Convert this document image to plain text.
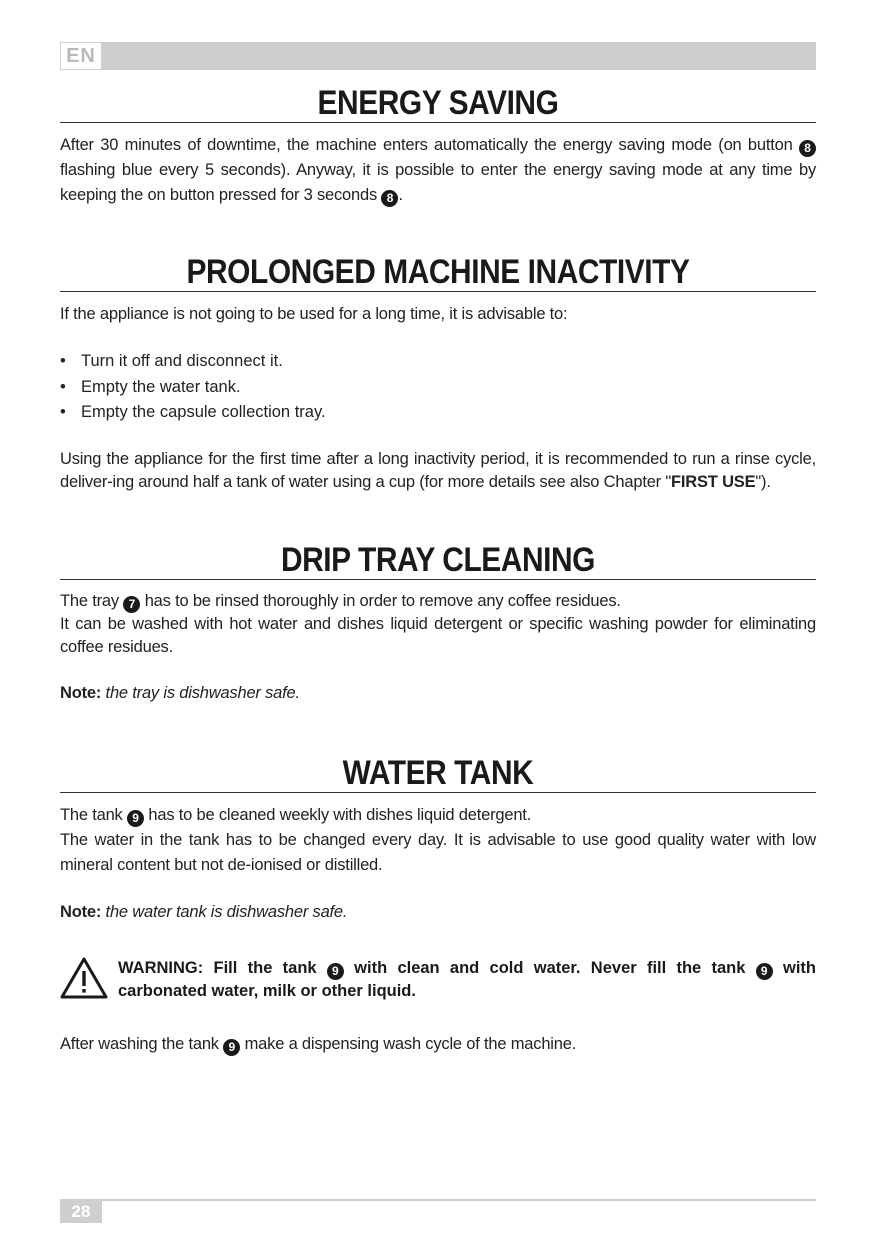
EN
ENERGY SAVING

After 30 minutes of downtime, the machine enters automatically the energy saving mode (on button 8 flashing blue every 5 seconds). Anyway, it is possible to enter the energy saving mode at any time by keeping the on button pressed for 3 seconds 8 .

PROLONGED MACHINE INACTIVITY

If the appliance is not going to be used for a long time, it is advisable to:

• Turn it off and disconnect it.
• Empty the water tank.
• Empty the capsule collection tray.

Using the appliance for the first time after a long inactivity period, it is recommended to run a rinse cycle, deliver-ing around half a tank of water using a cup (for more details see also Chapter "FIRST USE").

DRIP TRAY CLEANING

The tray 7 has to be rinsed thoroughly in order to remove any coffee residues.

It can be washed with hot water and dishes liquid detergent or specific washing powder for eliminating coffee residues.

Note: the tray is dishwasher safe.

WATER TANK

The tank 9 has to be cleaned weekly with dishes liquid detergent.

The water in the tank has to be changed every day. It is advisable to use good quality water with low mineral content but not de-ionised or distilled.

Note: the water tank is dishwasher safe.

WARNING: Fill the tank 9 with clean and cold water. Never fill the tank 9 with carbonated water, milk or other liquid.

After washing the tank 9 make a dispensing wash cycle of the machine.

28
